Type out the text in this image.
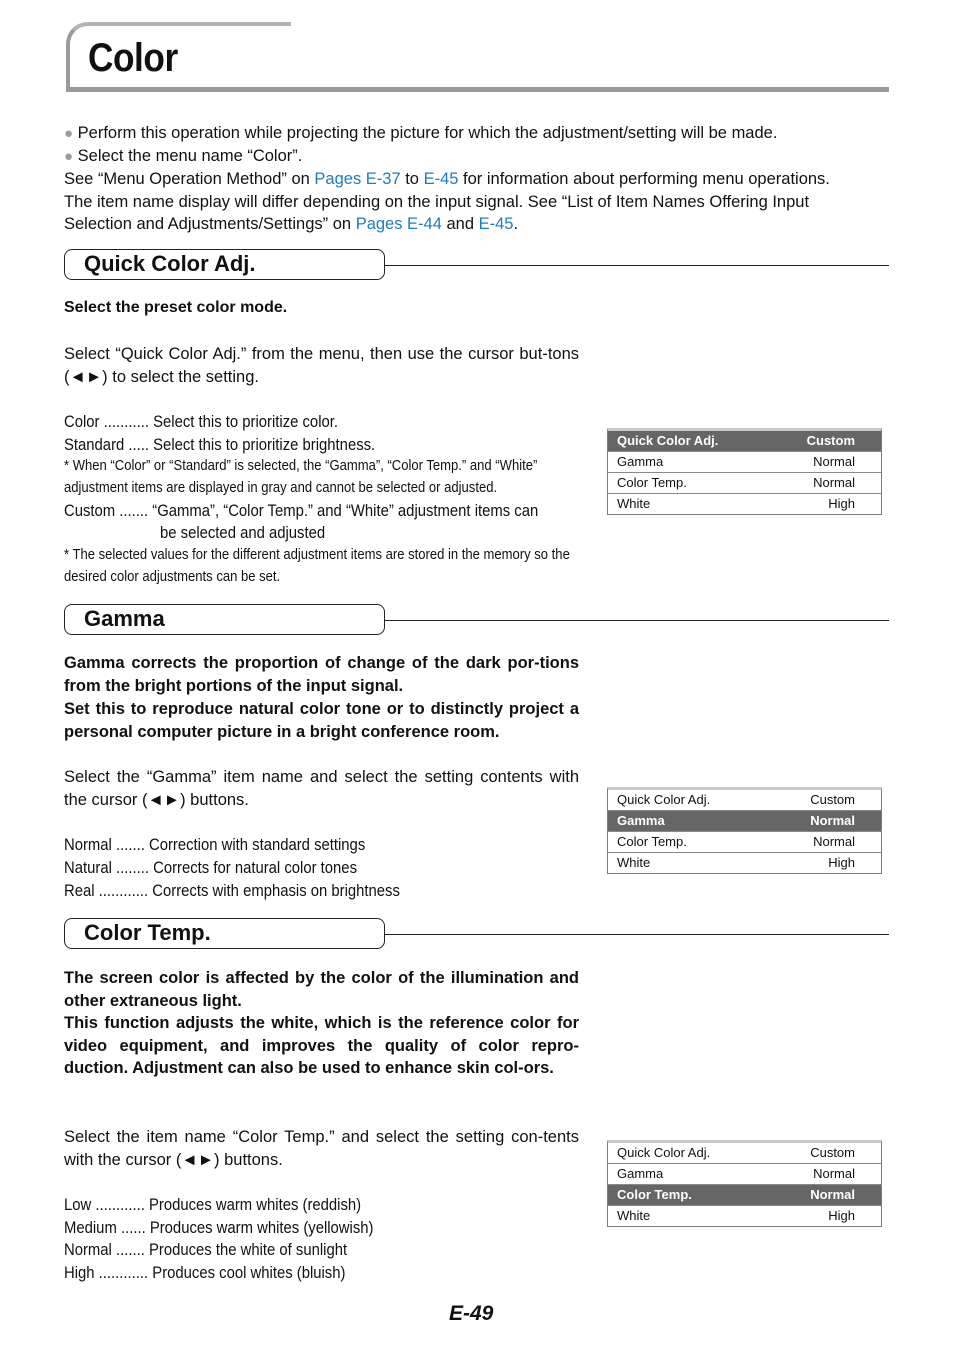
Color
● Perform this operation while projecting the picture for which the adjustment/setting will be made.
● Select the menu name “Color”.
See “Menu Operation Method” on Pages E-37 to E-45 for information about performing menu operations.
The item name display will differ depending on the input signal. See “List of Item Names Offering Input
Selection and Adjustments/Settings” on Pages E-44 and E-45.
Quick Color Adj.
Select the preset color mode.
Select “Quick Color Adj.” from the menu, then use the cursor but-tons (◄►) to select the setting.
Color ........... Select this to prioritize color.
Standard ..... Select this to prioritize brightness.
* When “Color” or “Standard” is selected, the “Gamma”, “Color Temp.” and “White” adjustment items are displayed in gray and cannot be selected or adjusted.
Custom ....... “Gamma”, “Color Temp.” and “White” adjustment items can
be selected and adjusted
* The selected values for the different adjustment items are stored in the memory so the desired color adjustments can be set.
Quick Color Adj.	Custom
Gamma	Normal
Color Temp.	Normal
White	High
Gamma
Gamma corrects the proportion of change of the dark por-tions from the bright portions of the input signal.
Set this to reproduce natural color tone or to distinctly project a personal computer picture in a bright conference room.
Select the “Gamma” item name and select the setting contents with the cursor (◄►) buttons.
Normal ....... Correction with standard settings
Natural ........ Corrects for natural color tones
Real ............ Corrects with emphasis on brightness
Quick Color Adj.	Custom
Gamma	Normal
Color Temp.	Normal
White	High
Color Temp.
The screen color is affected by the color of the illumination and other extraneous light.
This function adjusts the white, which is the reference color for video equipment, and improves the quality of color repro-duction. Adjustment can also be used to enhance skin col-ors.
Select the item name “Color Temp.” and select the setting con-tents with the cursor (◄►) buttons.
Low ............ Produces warm whites (reddish)
Medium ...... Produces warm whites (yellowish)
Normal ....... Produces the white of sunlight
High ............ Produces cool whites (bluish)
Quick Color Adj.	Custom
Gamma	Normal
Color Temp.	Normal
White	High
E-49
